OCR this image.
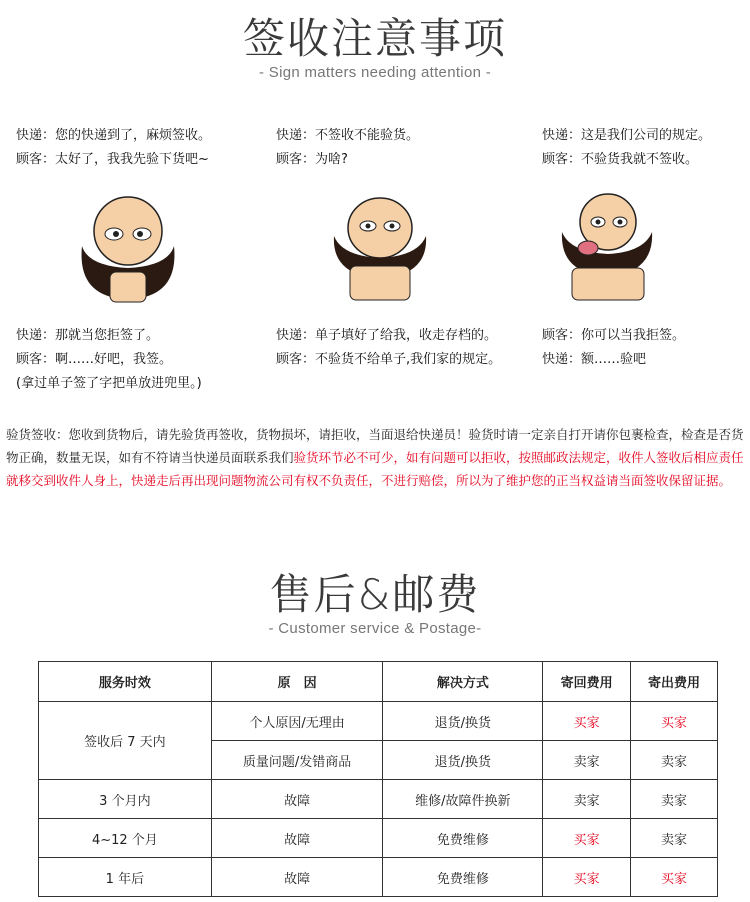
签收注意事项
- Sign matters needing attention -
快递：您的快递到了，麻烦签收。
顾客：太好了，我我先验下货吧~
快递：那就当您拒签了。
顾客：啊……好吧，我签。
(拿过单子签了字把单放进兜里。)
快递：不签收不能验货。
顾客：为啥?
快递：单子填好了给我，收走存档的。
顾客：不验货不给单子,我们家的规定。
快递：这是我们公司的规定。
顾客：不验货我就不签收。
顾客：你可以当我拒签。
快递：额……验吧
验货签收：您收到货物后，请先验货再签收，货物损坏，请拒收，当面退给快递员！验货时请一定亲自打开请你包裹检查，检查是否货物正确，数量无误，如有不符请当快递员面联系我们验货环节必不可少，如有问题可以拒收，按照邮政法规定，收件人签收后相应责任就移交到收件人身上，快递走后再出现问题物流公司有权不负责任，不进行赔偿，所以为了维护您的正当权益请当面签收保留证据。
售后&邮费
- Customer service & Postage-
服务时效	原　因	解决方式	寄回费用	寄出费用
签收后 7 天内	个人原因/无理由	退货/换货	买家	买家
	质量问题/发错商品	退货/换货	卖家	卖家
3 个月内	故障	维修/故障件换新	卖家	卖家
4~12 个月	故障	免费维修	买家	卖家
1 年后	故障	免费维修	买家	买家
